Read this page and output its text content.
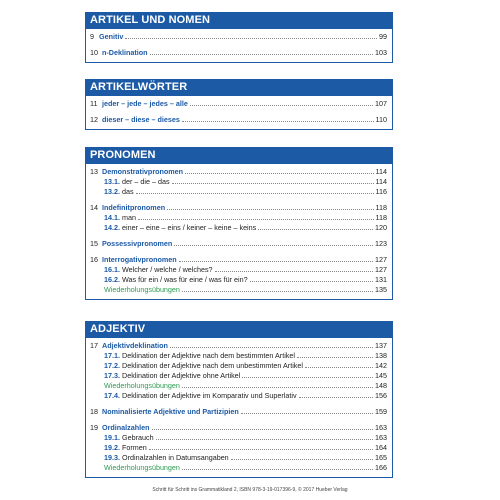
ARTIKEL UND NOMEN
9 Genitiv	99
10 n-Deklination	103
ARTIKELWÖRTER
11 jeder – jede – jedes – alle	107
12 dieser – diese – dieses	110
PRONOMEN
13 Demonstrativpronomen	114
13.1. der – die – das	114
13.2. das	116
14 Indefinitpronomen	118
14.1. man	118
14.2. einer – eine – eins / keiner – keine – keins	120
15 Possessivpronomen	123
16 Interrogativpronomen	127
16.1. Welcher / welche / welches?	127
16.2. Was für ein / was für eine / was für ein?	131
Wiederholungsübungen	135
ADJEKTIV
17 Adjektivdeklination	137
17.1. Deklination der Adjektive nach dem bestimmten Artikel	138
17.2. Deklination der Adjektive nach dem unbestimmten Artikel	142
17.3. Deklination der Adjektive ohne Artikel	145
Wiederholungsübungen	148
17.4. Deklination der Adjektive im Komparativ und Superlativ	156
18 Nominalisierte Adjektive und Partizipien	159
19 Ordinalzahlen	163
19.1. Gebrauch	163
19.2. Formen	164
19.3. Ordinalzahlen in Datumsangaben	165
Wiederholungsübungen	166
Schritt für Schritt ins Grammatikland 2, ISBN 978-3-19-017396-9, © 2017 Hueber Verlag
